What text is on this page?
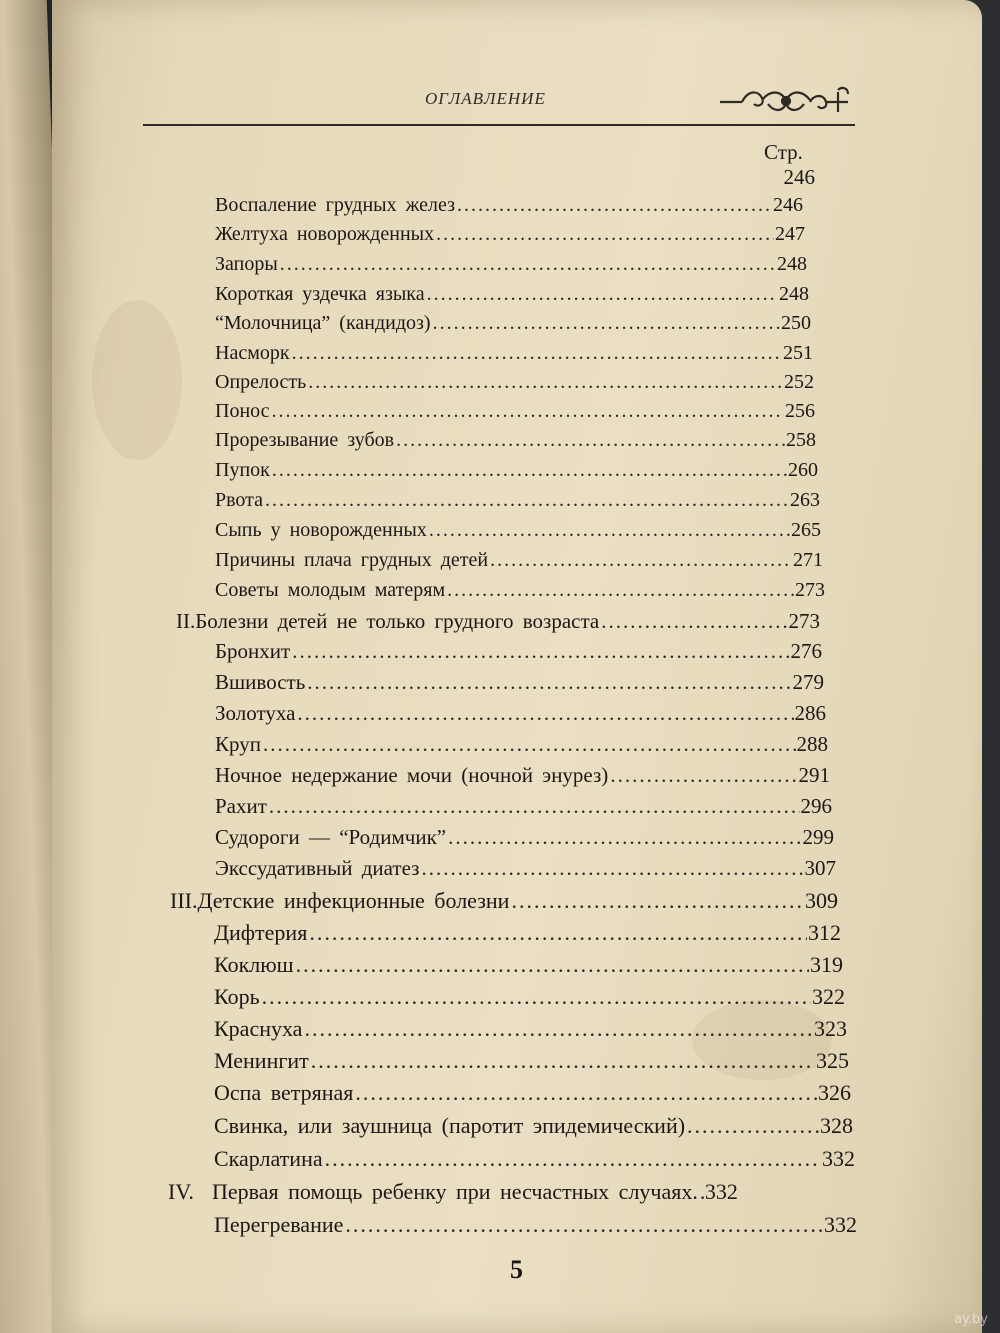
ОГЛАВЛЕНИЕ
Стр.
246
Воспаление грудных желез .....	246
Желтуха новорожденных .....	247
Запоры .....	248
Короткая уздечка языка .....	248
“Молочница” (кандидоз) .....	250
Насморк .....	251
Опрелость .....	252
Понос .....	256
Прорезывание зубов .....	258
Пупок .....	260
Рвота .....	263
Сыпь у новорожденных .....	265
Причины плача грудных детей .....	271
Советы молодым матерям .....	273
II. Болезни детей не только грудного возраста .....	273
Бронхит .....	276
Вшивость .....	279
Золотуха .....	286
Круп .....	288
Ночное недержание мочи (ночной энурез) .....	291
Рахит .....	296
Судороги — “Родимчик” .....	299
Экссудативный диатез .....	307
III. Детские инфекционные болезни .....	309
Дифтерия .....	312
Коклюш .....	319
Корь .....	322
Краснуха .....	323
Менингит .....	325
Оспа ветряная .....	326
Свинка, или заушница (паротит эпидемический) .....	328
Скарлатина .....	332
IV. Первая помощь ребенку при несчастных случаях. ..... 332
Перегревание .....	332
5
ay.by
